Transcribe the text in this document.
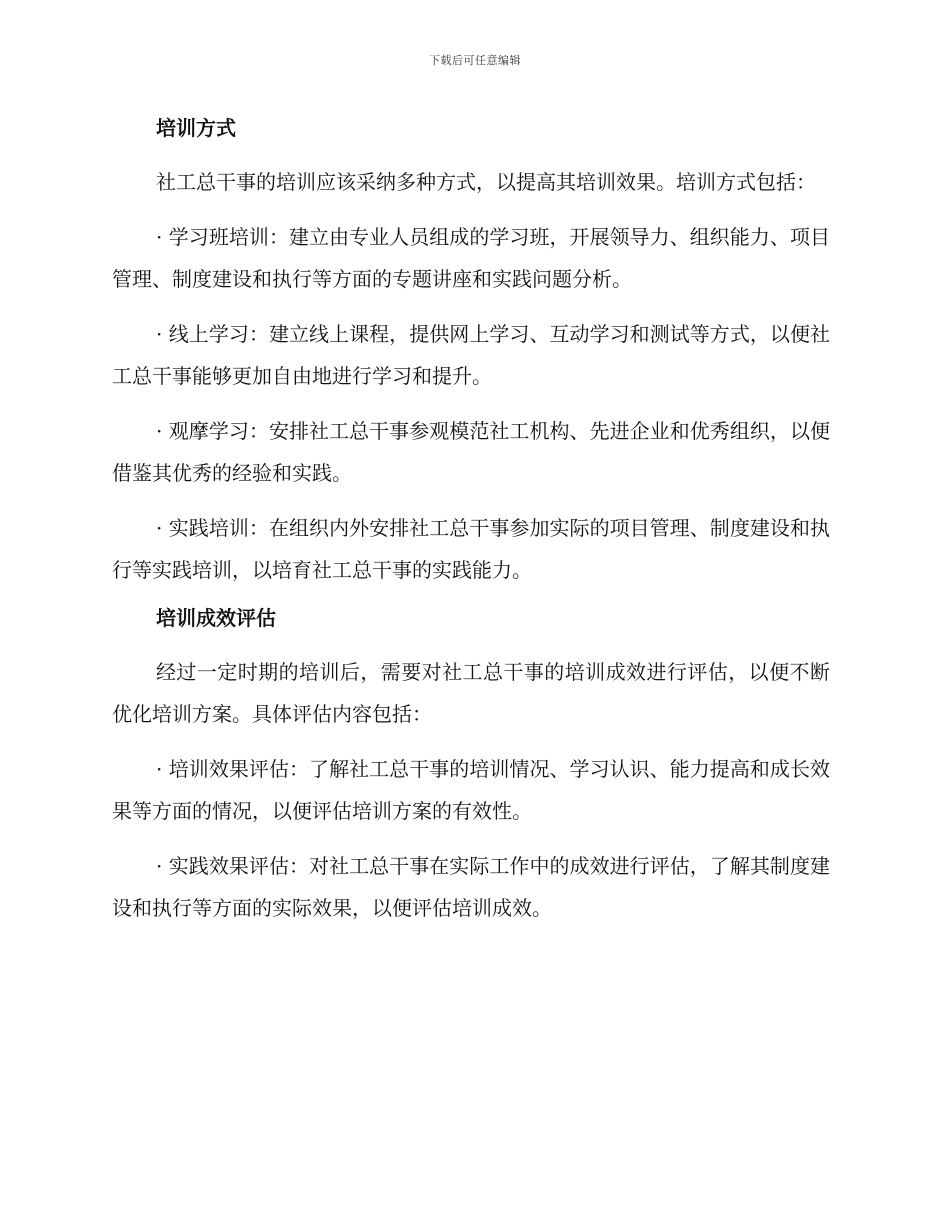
下载后可任意编辑
培训方式

社工总干事的培训应该采纳多种方式，以提高其培训效果。培训方式包括：

· 学习班培训：建立由专业人员组成的学习班，开展领导力、组织能力、项目管理、制度建设和执行等方面的专题讲座和实践问题分析。

· 线上学习：建立线上课程，提供网上学习、互动学习和测试等方式，以便社工总干事能够更加自由地进行学习和提升。

· 观摩学习：安排社工总干事参观模范社工机构、先进企业和优秀组织，以便借鉴其优秀的经验和实践。

· 实践培训：在组织内外安排社工总干事参加实际的项目管理、制度建设和执行等实践培训，以培育社工总干事的实践能力。

培训成效评估

经过一定时期的培训后，需要对社工总干事的培训成效进行评估，以便不断优化培训方案。具体评估内容包括：

· 培训效果评估：了解社工总干事的培训情况、学习认识、能力提高和成长效果等方面的情况，以便评估培训方案的有效性。

· 实践效果评估：对社工总干事在实际工作中的成效进行评估，了解其制度建设和执行等方面的实际效果，以便评估培训成效。
